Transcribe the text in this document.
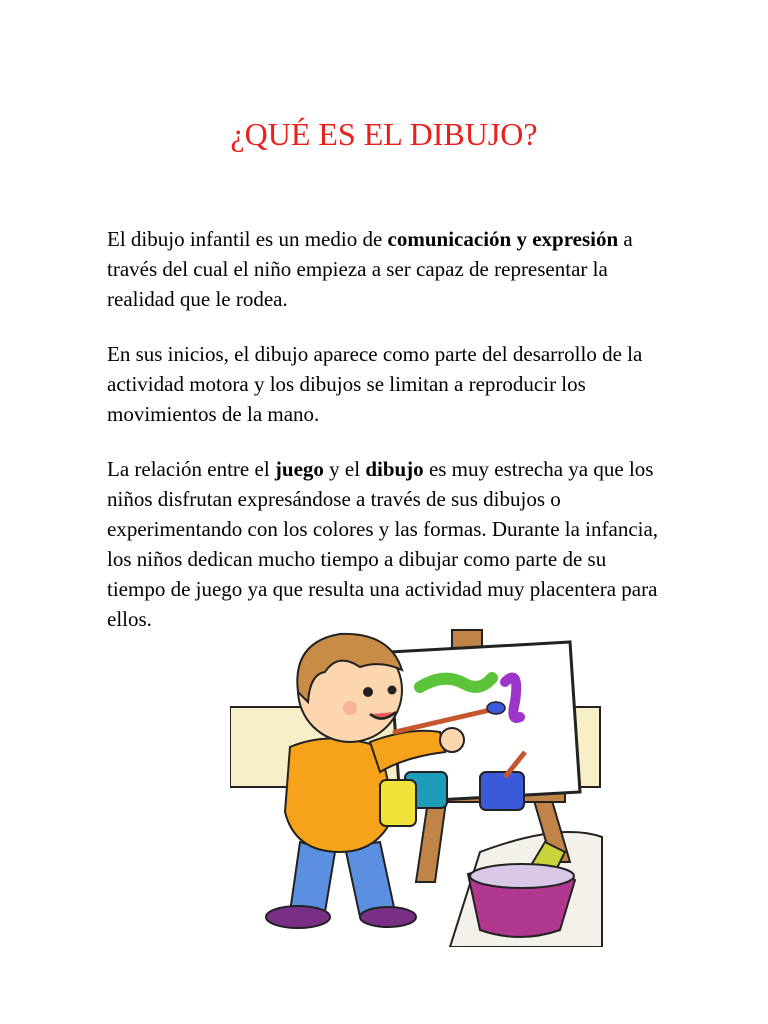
¿QUÉ ES EL DIBUJO?

El dibujo infantil es un medio de comunicación y expresión a través del cual el niño empieza a ser capaz de representar la realidad que le rodea.

En sus inicios, el dibujo aparece como parte del desarrollo de la actividad motora y los dibujos se limitan a reproducir los movimientos de la mano.

La relación entre el juego y el dibujo es muy estrecha ya que los niños disfrutan expresándose a través de sus dibujos o experimentando con los colores y las formas. Durante la infancia, los niños dedican mucho tiempo a dibujar como parte de su tiempo de juego ya que resulta una actividad muy placentera para ellos.
